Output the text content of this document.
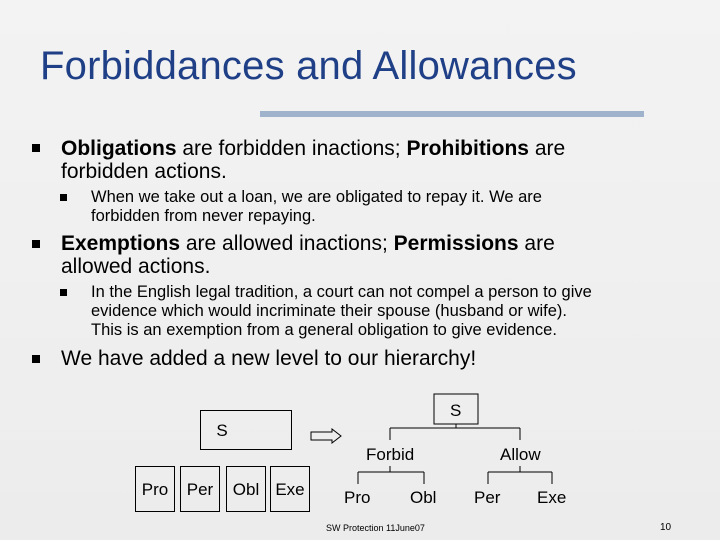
Forbiddances and Allowances
Obligations are forbidden inactions; Prohibitions are
forbidden actions.
When we take out a loan, we are obligated to repay it. We are
forbidden from never repaying.
Exemptions are allowed inactions; Permissions are
allowed actions.
In the English legal tradition, a court can not compel a person to give
evidence which would incriminate their spouse (husband or wife).
This is an exemption from a general obligation to give evidence.
We have added a new level to our hierarchy!
S
Pro	Per	Obl Exe
S
Forbid	Allow
Pro Obl Per Exe
SW Protection 11June07	10
